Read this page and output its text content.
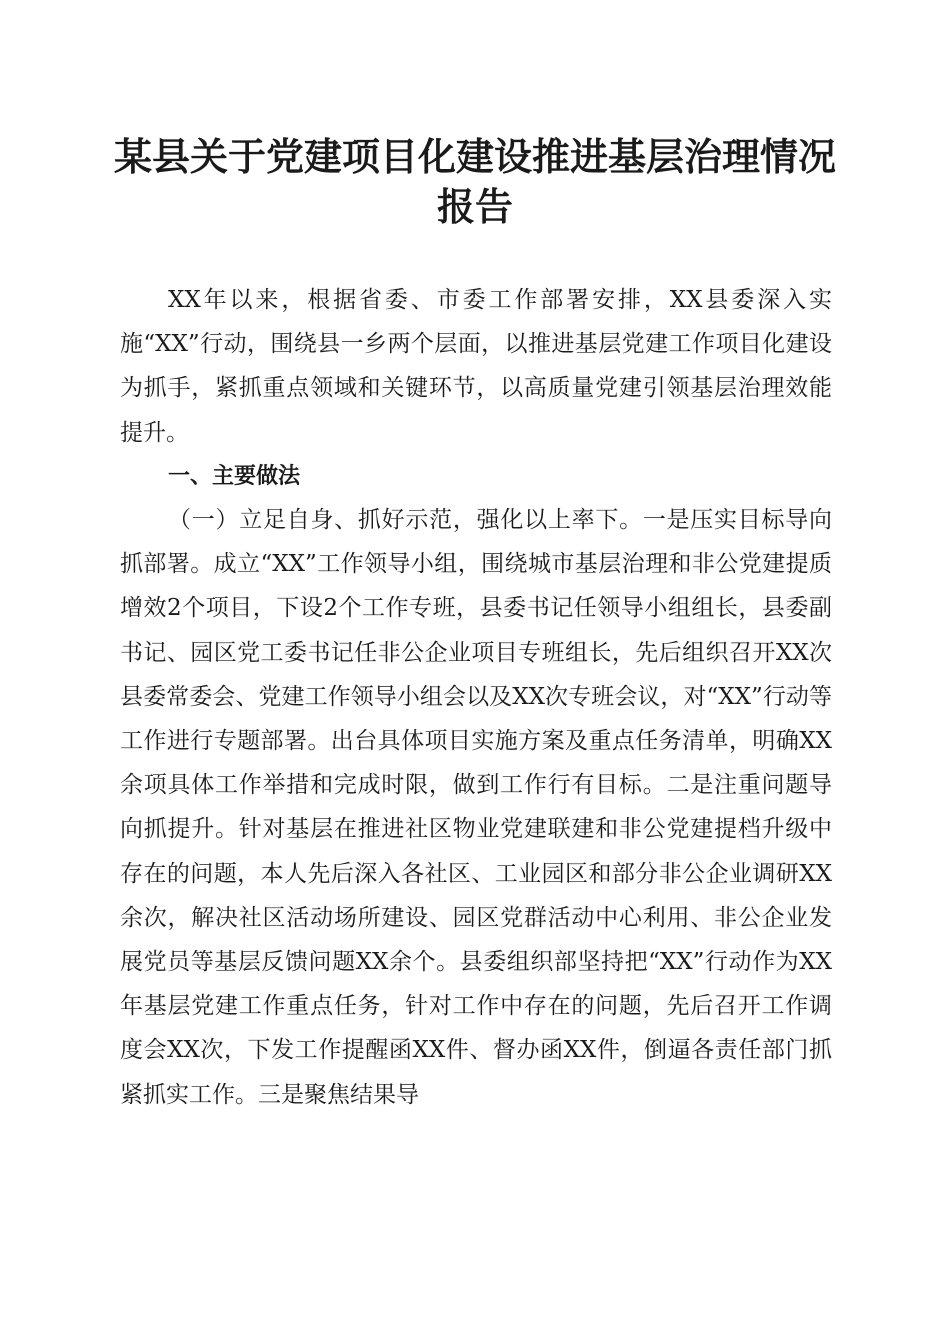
某县关于党建项目化建设推进基层治理情况报告

XX年以来，根据省委、市委工作部署安排，XX县委深入实施“XX”行动，围绕县一乡两个层面，以推进基层党建工作项目化建设为抓手，紧抓重点领域和关键环节，以高质量党建引领基层治理效能提升。

一、主要做法

（一）立足自身、抓好示范，强化以上率下。一是压实目标导向抓部署。成立“XX”工作领导小组，围绕城市基层治理和非公党建提质增效2个项目，下设2个工作专班，县委书记任领导小组组长，县委副书记、园区党工委书记任非公企业项目专班组长，先后组织召开XX次县委常委会、党建工作领导小组会以及XX次专班会议，对“XX”行动等工作进行专题部署。出台具体项目实施方案及重点任务清单，明确XX余项具体工作举措和完成时限，做到工作行有目标。二是注重问题导向抓提升。针对基层在推进社区物业党建联建和非公党建提档升级中存在的问题，本人先后深入各社区、工业园区和部分非公企业调研XX余次，解决社区活动场所建设、园区党群活动中心利用、非公企业发展党员等基层反馈问题XX余个。县委组织部坚持把“XX”行动作为XX年基层党建工作重点任务，针对工作中存在的问题，先后召开工作调度会XX次，下发工作提醒函XX件、督办函XX件，倒逼各责任部门抓紧抓实工作。三是聚焦结果导
